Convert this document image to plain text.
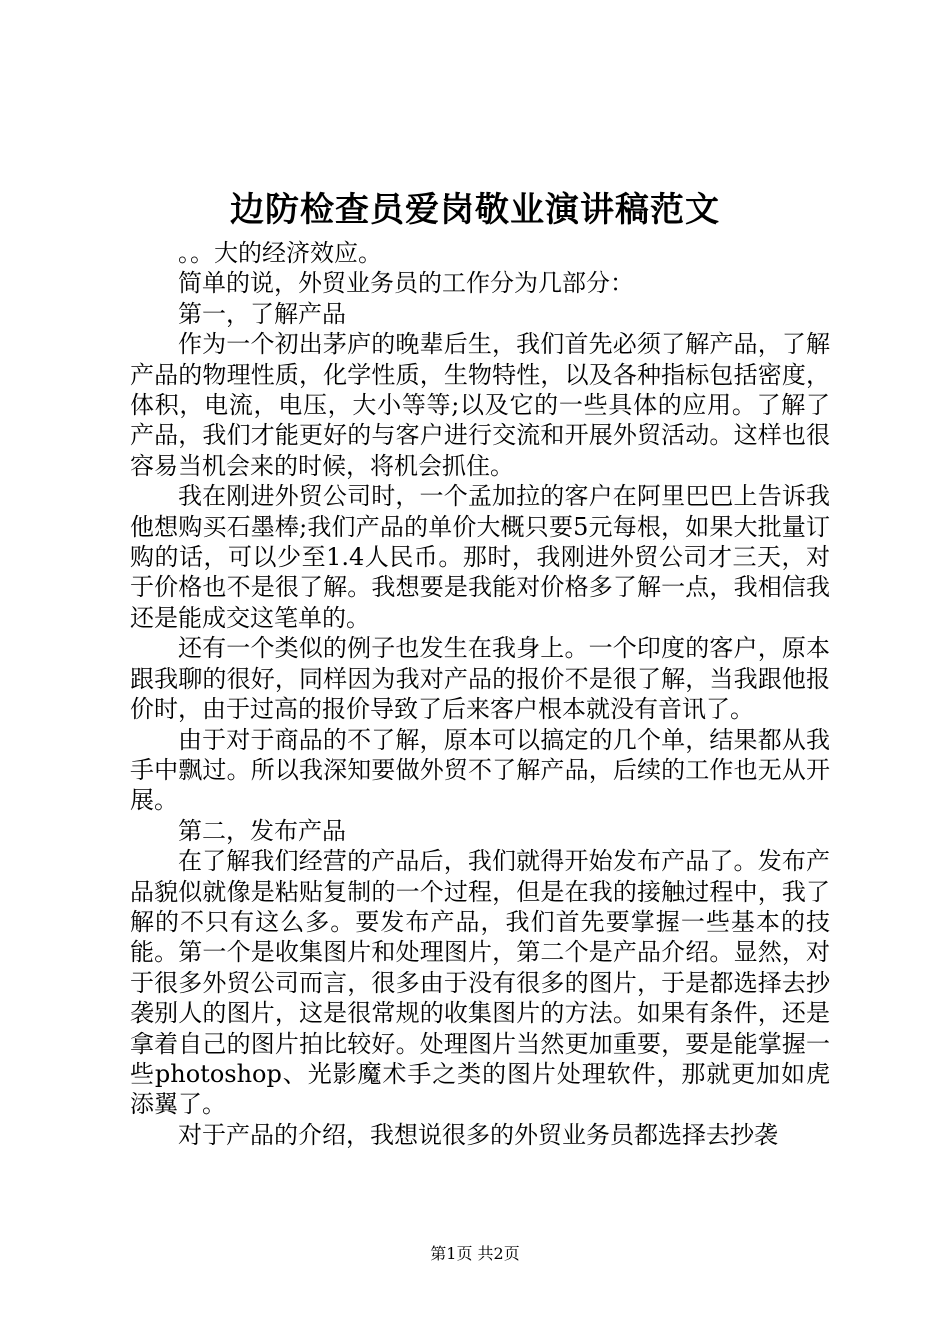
边防检查员爱岗敬业演讲稿范文

。。大的经济效应。

简单的说，外贸业务员的工作分为几部分：

第一，了解产品

作为一个初出茅庐的晚辈后生，我们首先必须了解产品，了解产品的物理性质，化学性质，生物特性，以及各种指标包括密度，体积，电流，电压，大小等等;以及它的一些具体的应用。了解了产品，我们才能更好的与客户进行交流和开展外贸活动。这样也很容易当机会来的时候，将机会抓住。

我在刚进外贸公司时，一个孟加拉的客户在阿里巴巴上告诉我他想购买石墨棒;我们产品的单价大概只要5元每根，如果大批量订购的话，可以少至1.4人民币。那时，我刚进外贸公司才三天，对于价格也不是很了解。我想要是我能对价格多了解一点，我相信我还是能成交这笔单的。

还有一个类似的例子也发生在我身上。一个印度的客户，原本跟我聊的很好，同样因为我对产品的报价不是很了解，当我跟他报价时，由于过高的报价导致了后来客户根本就没有音讯了。

由于对于商品的不了解，原本可以搞定的几个单，结果都从我手中飘过。所以我深知要做外贸不了解产品，后续的工作也无从开展。

第二，发布产品

在了解我们经营的产品后，我们就得开始发布产品了。发布产品貌似就像是粘贴复制的一个过程，但是在我的接触过程中，我了解的不只有这么多。要发布产品，我们首先要掌握一些基本的技能。第一个是收集图片和处理图片，第二个是产品介绍。显然，对于很多外贸公司而言，很多由于没有很多的图片，于是都选择去抄袭别人的图片，这是很常规的收集图片的方法。如果有条件，还是拿着自己的图片拍比较好。处理图片当然更加重要，要是能掌握一些photoshop、光影魔术手之类的图片处理软件，那就更加如虎添翼了。

对于产品的介绍，我想说很多的外贸业务员都选择去抄袭

第1页 共2页
